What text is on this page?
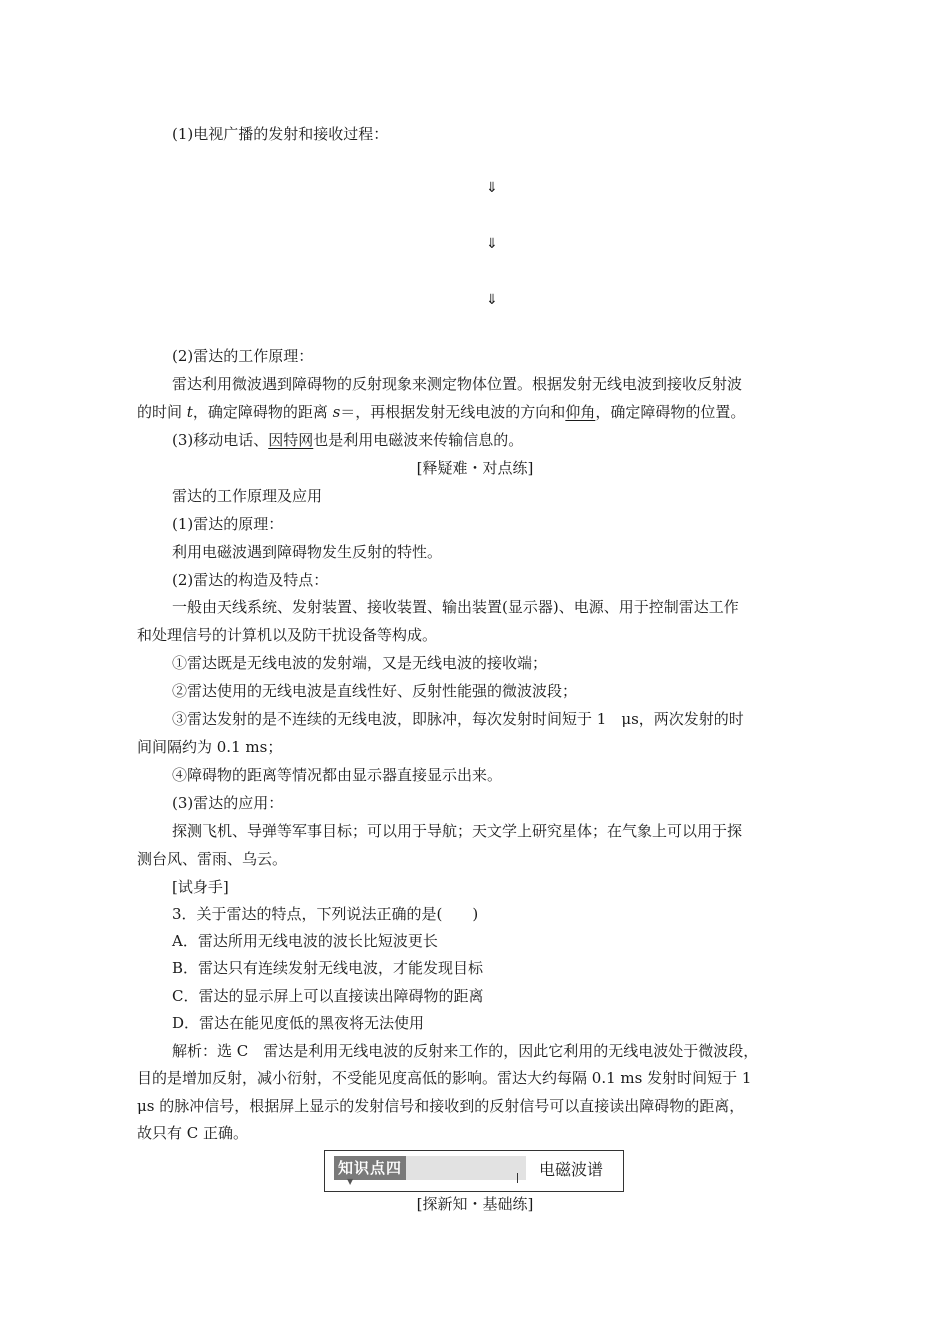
(1)电视广播的发射和接收过程：
⇓
⇓
⇓
(2)雷达的工作原理：
雷达利用微波遇到障碍物的反射现象来测定物体位置。根据发射无线电波到接收反射波
的时间 t，确定障碍物的距离 s＝，再根据发射无线电波的方向和仰角，确定障碍物的位置。
(3)移动电话、因特网也是利用电磁波来传输信息的。
[释疑难・对点练]
雷达的工作原理及应用
(1)雷达的原理：
利用电磁波遇到障碍物发生反射的特性。
(2)雷达的构造及特点：
一般由天线系统、发射装置、接收装置、输出装置(显示器)、电源、用于控制雷达工作
和处理信号的计算机以及防干扰设备等构成。
①雷达既是无线电波的发射端，又是无线电波的接收端；
②雷达使用的无线电波是直线性好、反射性能强的微波波段；
③雷达发射的是不连续的无线电波，即脉冲，每次发射时间短于 1　μs，两次发射的时
间间隔约为 0.1 ms；
④障碍物的距离等情况都由显示器直接显示出来。
(3)雷达的应用：
探测飞机、导弹等军事目标；可以用于导航；天文学上研究星体；在气象上可以用于探
测台风、雷雨、乌云。
[试身手]
3．关于雷达的特点，下列说法正确的是(　　)
A．雷达所用无线电波的波长比短波更长
B．雷达只有连续发射无线电波，才能发现目标
C．雷达的显示屏上可以直接读出障碍物的距离
D．雷达在能见度低的黑夜将无法使用
解析：选 C　雷达是利用无线电波的反射来工作的，因此它利用的无线电波处于微波段，
目的是增加反射，减小衍射，不受能见度高低的影响。雷达大约每隔 0.1 ms 发射时间短于 1
μs 的脉冲信号，根据屏上显示的发射信号和接收到的反射信号可以直接读出障碍物的距离，
故只有 C 正确。
知识点四
▼
电磁波谱
[探新知・基础练]
